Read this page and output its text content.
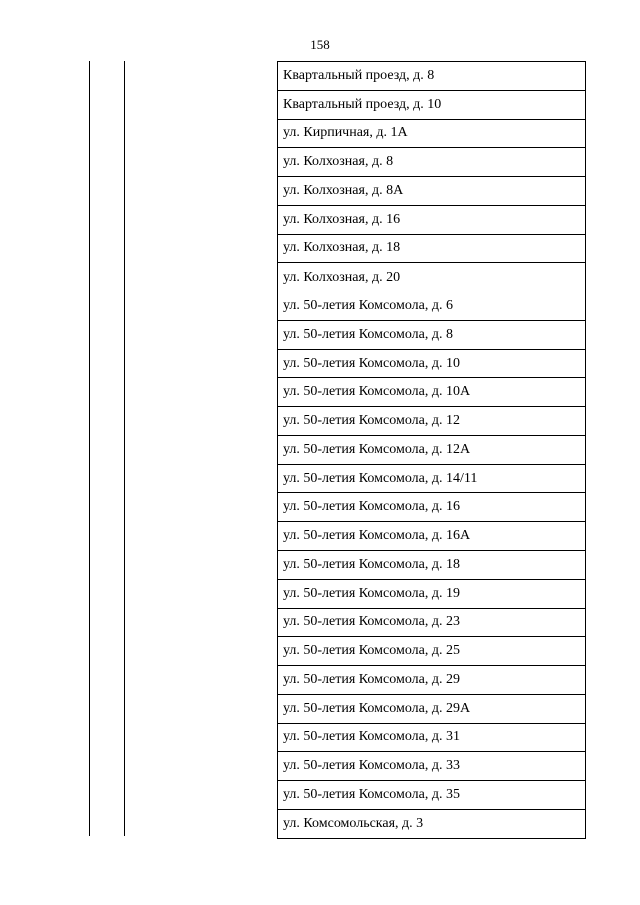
158
Квартальный проезд, д. 8
Квартальный проезд, д. 10
ул. Кирпичная, д. 1А
ул. Колхозная, д. 8
ул. Колхозная, д. 8А
ул. Колхозная, д. 16
ул. Колхозная, д. 18
ул. Колхозная, д. 20
ул. 50-летия Комсомола, д. 6
ул. 50-летия Комсомола, д. 8
ул. 50-летия Комсомола, д. 10
ул. 50-летия Комсомола, д. 10А
ул. 50-летия Комсомола, д. 12
ул. 50-летия Комсомола, д. 12А
ул. 50-летия Комсомола, д. 14/11
ул. 50-летия Комсомола, д. 16
ул. 50-летия Комсомола, д. 16А
ул. 50-летия Комсомола, д. 18
ул. 50-летия Комсомола, д. 19
ул. 50-летия Комсомола, д. 23
ул. 50-летия Комсомола, д. 25
ул. 50-летия Комсомола, д. 29
ул. 50-летия Комсомола, д. 29А
ул. 50-летия Комсомола, д. 31
ул. 50-летия Комсомола, д. 33
ул. 50-летия Комсомола, д. 35
ул. Комсомольская, д. 3
